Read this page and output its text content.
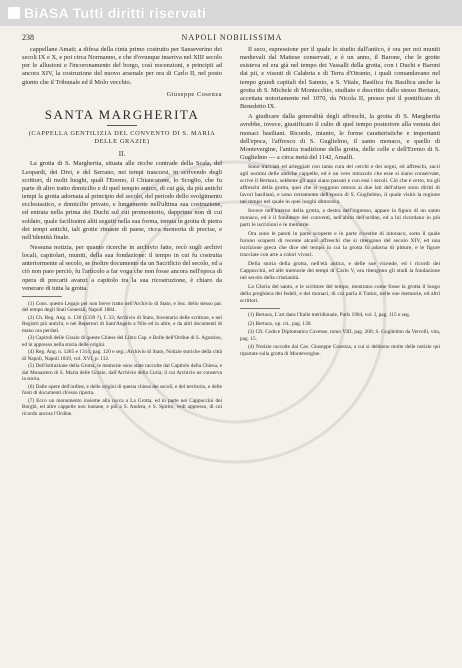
BiASA Tutti diritti riservati
238	NAPOLI NOBILISSIMA

cappellane Amati; a difesa della cinta primo costrutto per Sanseverino dei secoli IX e X, e poi circa Normanno, e che d'ovunque inseriva nel XIII secolo per le allusioni e l'incoronamento del borgo, così nocenzioni, e principii ad ancora XIV, la costruzione del nuovo arsenale per ora di Carlo II, nel posto giunto che il Tribunale ed il Molo vecchio.

Giuseppe Cosenza
SANTA MARGHERITA
(CAPPELLA GENTILIZIA DEL CONVENTO DI S. MARIA DELLE GRAZIE)
II.

La grotta di S. Margherita, situata alle ricche contrade della Scala, del Leopardi, dei Divi, e del Serrano, nei tempi trascorsi, in scrivendo degli scrittori, di molti luoghi, quali l'Eremo, il Chiancarone, lo Scoglio, che fu parte di altro tratto domicilio e di quel tempio antico, di cui già, da più antichi tempi la grotta adornata al principio del secolo, del periodo dello svolgimento ecclesiastico, e domicilio privato, e lungamente nell'ultima sua costruzione, ed entrata nella prima dei Duchi sul cui promontorio, dapprima non di cui soldato, quale facilissimi aliti seguiti nella sua forma, tenuta in grotta di pietra dei tempi antichi, tali grotte rimaste di paese, ricca memoria di precise, e nell'identità finale.

Nessuna notizia, per quanto ricerche in archivio fatte, recò sugli archivi locali, capitolari, muniti, della sua fondazione: il tempo in cui fu costruita anteriormente al secolo, se inoltre documento da un Sacrificio del secolo, ed a ciò non pare perciò, fu l'articolo a far voga che non fosse ancora nell'epoca di opera di precarii avanzi a capitolo tra la sua ricostruzione, è chiaro da venerare di tutta la grotta.

(1) Cons. questo Legajo per non breve tratto nell'Archivio di Stato, e Sez. dello stesso par. del tempo degli Stati Generali, Napoli 1884.

(2) Ch. Reg. Ang. n. 130 (1339 ?), f. 33; Archivio di Stato, Inventario delle scritture, e nei Registri più antichi, e nei Repertori di Sant'Angelo a Nilo ed in altre, e da altri documenti di mano ora perduti.

(3) Capitoli delle Grazie di queste Chiese del Libro Cap. e Bolle dell'Ordine di S. Agostino, ed in appresso nella storia delle origini.

(4) Reg. Ang. n. 1285 e 1314, pag. 120 e seg.; Archivio di Stato, Notizie storiche della città di Napoli, Napoli 1839, vol. XVI, p. 112.

(5) Dell'istituzione della Grotta, le memorie sono state raccolte dal Capitolo della Chiesa, e dal Monastero di S. Maria delle Grazie, dall'Archivio della Curia; il cui Archivio ne conserva la storia.

(6) Dalle opere dell'ordine, e delle origini di questa chiesa dei secoli, e del territorio, e delle fonti di documenti ch'esso riporta.

(7) Ecco un monumento insieme alla rocca a La Grotta, ed in parte nei Cappuccini dei Borghi, ed altre cappelle non lontane, e più a S. Andrea, e S. Spirito, vedi appresso, di cui ricordo ancora l'Ordine.

Il seco, espressione per il quale lo studio dall'antico, è ora per noi muniti medievali dal Mattese conservati, e è un anno, il Barone, che le grotte esisteva ed era già nel tempo dei Vassalli della grotta, con i Duchi e Baroni dai pii, e vissuti di Calabria e di Terra d'Otranto, i quali comandavano nel tempo grandi capitali del Sannio, a S. Vitale, Basilica fra Basilica anche la grotta di S. Michele di Montecchio, studiato e descritto dallo stesso Bertaux, accettata notoriamente nel 1070, da Nicola II, presso poi il pontificato di Benedetto IX.

A giudicare dalla generalità degli affreschi, la grotta di S. Margherita avrebbe, invece, giustificato il culto di quel tempo posteriore alla venuta dei monaci basiliani. Ricordo, intanto, le forme caratteristiche e importanti dell'epoca, l'affresco di S. Guglielmo, il santo monaco, e quello di Montevergine, l'antica tradizione della grotta, delle celle e dell'Eremo di S. Guglielmo — a circa metà del 1142, Amalfi.

Sono tracciati ed arieggiati con tanta cura dei cerchi e dei segni, ed affreschi, sacri agli uomini delle antiche cappelle, ed è un vero miracolo che esse si siano conservate, scrive il Bertaux, sebbene gli anni siano passati e con essi i secoli. Ciò che è certo, tra gli affreschi della grotta, quei che si veggono tuttora ai due lati dell'altare sono diritti di lavori basiliani, e sono certamente dell'epoca di S. Guglielmo, il quale visitò la regione nel tempo nel quale in quei luoghi dimorava.

Invece nell'interno della grotta, a destra dell'ingresso, appare la figura di un santo monaco, ed è il fondatore dei conventi, nell'abito dell'ordine, ed a lui ricordano in più parti le iscrizioni e le memorie.

Ora sono le pareti in parte scoperte e in parte rivestite di intonaco, sotto il quale furono scoperti di recente alcuni affreschi che si ritengono del secolo XIV, ed una iscrizione greca che dice del tempo in cui la grotta fu adorna di pitture, e le figure tracciate con arte a colori vivaci.

Della storia della grotta, nell'età antica, e delle sue vicende, ed i ricordi dei Cappuccini, ed alle memorie dei tempi di Carlo V, ora ritengono gli studi la fondazione nel secolo della cristianità.

La Gloria del santo, e le scritture del tempo, mostrano come fosse la grotta il luogo della preghiera dei fedeli, e dei monaci, di cui parla il Tutini, nelle sue memorie, ed altri scrittori.

(1) Bertaux, L'art dans l'Italie méridionale, Paris 1904, vol. I, pag. 115 e seg.

(2) Bertaux, op. cit., pag. 130.

(3) Cfr. Codice Diplomatico Cavense, tomo VIII, pag. 200; S. Guglielmo da Vercelli, vita, pag. 15.

(4) Notizie raccolte dal Cav. Giuseppe Cosenza, a cui si debbono molte delle notizie qui riportate sulla grotta di Montevergine.
